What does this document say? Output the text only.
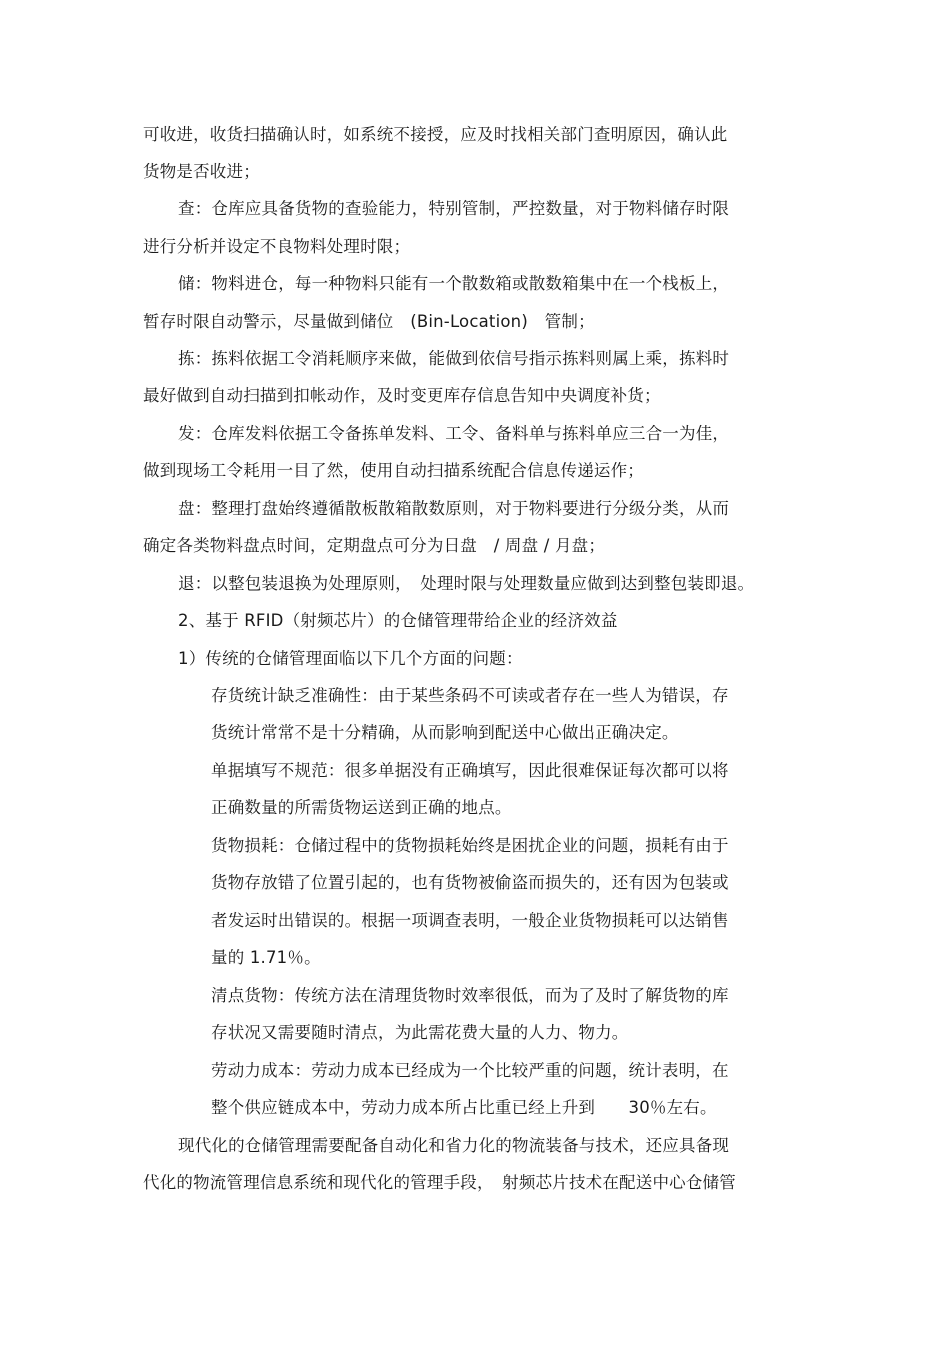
可收进，收货扫描确认时，如系统不接授，应及时找相关部门查明原因，确认此
货物是否收进；
查：仓库应具备货物的查验能力，特别管制，严控数量，对于物料储存时限
进行分析并设定不良物料处理时限；
储：物料进仓，每一种物料只能有一个散数箱或散数箱集中在一个栈板上，
暂存时限自动警示，尽量做到储位　(Bin-Location)　管制；
拣：拣料依据工令消耗顺序来做，能做到依信号指示拣料则属上乘，拣料时
最好做到自动扫描到扣帐动作，及时变更库存信息告知中央调度补货；
发：仓库发料依据工令备拣单发料、工令、备料单与拣料单应三合一为佳，
做到现场工令耗用一目了然，使用自动扫描系统配合信息传递运作；
盘：整理打盘始终遵循散板散箱散数原则，对于物料要进行分级分类，从而
确定各类物料盘点时间，定期盘点可分为日盘　/ 周盘 / 月盘；
退：以整包装退换为处理原则，　处理时限与处理数量应做到达到整包装即退。
2、基于 RFID（射频芯片）的仓储管理带给企业的经济效益
1）传统的仓储管理面临以下几个方面的问题：
存货统计缺乏准确性：由于某些条码不可读或者存在一些人为错误，存
货统计常常不是十分精确，从而影响到配送中心做出正确决定。
单据填写不规范：很多单据没有正确填写，因此很难保证每次都可以将
正确数量的所需货物运送到正确的地点。
货物损耗：仓储过程中的货物损耗始终是困扰企业的问题，损耗有由于
货物存放错了位置引起的，也有货物被偷盗而损失的，还有因为包装或
者发运时出错误的。根据一项调查表明，一般企业货物损耗可以达销售
量的 1.71％。
清点货物：传统方法在清理货物时效率很低，而为了及时了解货物的库
存状况又需要随时清点，为此需花费大量的人力、物力。
劳动力成本：劳动力成本已经成为一个比较严重的问题，统计表明，在
整个供应链成本中，劳动力成本所占比重已经上升到　　30％左右。
现代化的仓储管理需要配备自动化和省力化的物流装备与技术，还应具备现
代化的物流管理信息系统和现代化的管理手段，　射频芯片技术在配送中心仓储管
